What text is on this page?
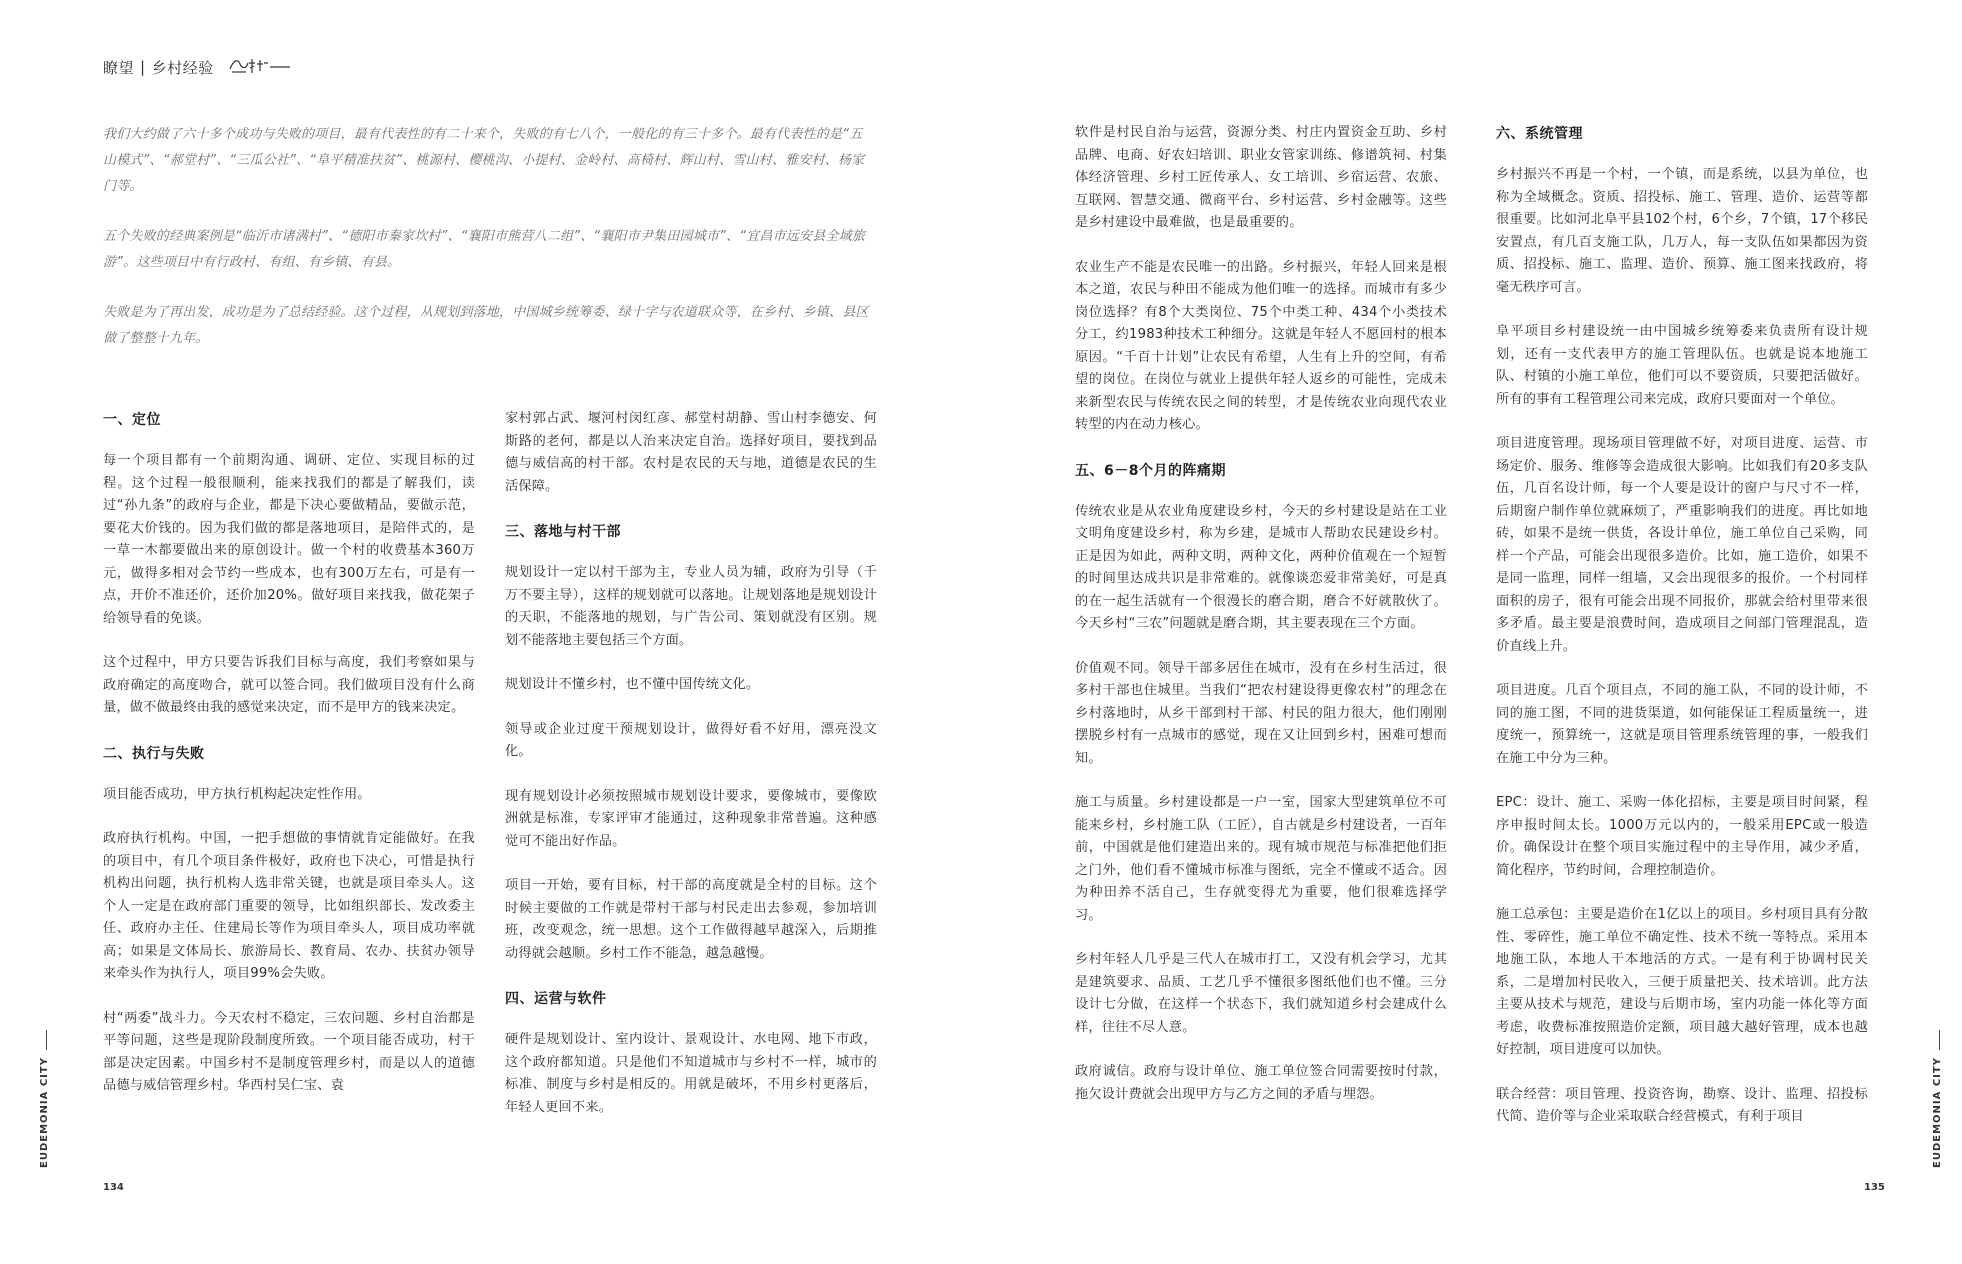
瞭望 | 乡村经验

我们大约做了六十多个成功与失败的项目，最有代表性的有二十来个，失败的有七八个，一般化的有三十多个。最有代表性的是“五山模式”、“郝堂村”、“三瓜公社”、“阜平精准扶贫”、桃源村、樱桃沟、小提村、金岭村、高椅村、辉山村、雪山村、雅安村、杨家门等。

五个失败的经典案例是“临沂市诸满村”、“德阳市秦家坎村”、“襄阳市熊营八二组”、“襄阳市尹集田园城市”、“宜昌市远安县全域旅游”。这些项目中有行政村、有组、有乡镇、有县。

失败是为了再出发，成功是为了总结经验。这个过程，从规划到落地，中国城乡统筹委、绿十字与农道联众等，在乡村、乡镇、县区做了整整十九年。

一、定位

每一个项目都有一个前期沟通、调研、定位、实现目标的过程。这个过程一般很顺利，能来找我们的都是了解我们，读过“孙九条”的政府与企业，都是下决心要做精品，要做示范，要花大价钱的。因为我们做的都是落地项目，是陪伴式的，是一草一木都要做出来的原创设计。做一个村的收费基本360万元，做得多相对会节约一些成本，也有300万左右，可是有一点，开价不准还价，还价加20%。做好项目来找我，做花架子给领导看的免谈。

这个过程中，甲方只要告诉我们目标与高度，我们考察如果与政府确定的高度吻合，就可以签合同。我们做项目没有什么商量，做不做最终由我的感觉来决定，而不是甲方的钱来决定。

二、执行与失败

项目能否成功，甲方执行机构起决定性作用。

政府执行机构。中国，一把手想做的事情就肯定能做好。在我的项目中，有几个项目条件极好，政府也下决心，可惜是执行机构出问题，执行机构人选非常关键，也就是项目牵头人。这个人一定是在政府部门重要的领导，比如组织部长、发改委主任、政府办主任、住建局长等作为项目牵头人，项目成功率就高；如果是文体局长、旅游局长、教育局、农办、扶贫办领导来牵头作为执行人，项目99%会失败。

村“两委”战斗力。今天农村不稳定，三农问题、乡村自治都是平等问题，这些是现阶段制度所致。一个项目能否成功，村干部是决定因素。中国乡村不是制度管理乡村，而是以人的道德品德与威信管理乡村。华西村吴仁宝、袁

家村郭占武、堰河村闵红彦、郝堂村胡静、雪山村李德安、何斯路的老何，都是以人治来决定自治。选择好项目，要找到品德与威信高的村干部。农村是农民的天与地，道德是农民的生活保障。

三、落地与村干部

规划设计一定以村干部为主，专业人员为辅，政府为引导（千万不要主导），这样的规划就可以落地。让规划落地是规划设计的天职，不能落地的规划，与广告公司、策划就没有区别。规划不能落地主要包括三个方面。

规划设计不懂乡村，也不懂中国传统文化。

领导或企业过度干预规划设计，做得好看不好用，漂亮没文化。

现有规划设计必须按照城市规划设计要求，要像城市，要像欧洲就是标准，专家评审才能通过，这种现象非常普遍。这种感觉可不能出好作品。

项目一开始，要有目标，村干部的高度就是全村的目标。这个时候主要做的工作就是带村干部与村民走出去参观，参加培训班，改变观念，统一思想。这个工作做得越早越深入，后期推动得就会越顺。乡村工作不能急，越急越慢。

四、运营与软件

硬件是规划设计、室内设计、景观设计、水电网、地下市政，这个政府都知道。只是他们不知道城市与乡村不一样，城市的标准、制度与乡村是相反的。用就是破坏，不用乡村更落后，年轻人更回不来。

EUDEMONIA CITY
134

软件是村民自治与运营，资源分类、村庄内置资金互助、乡村品牌、电商、好农妇培训、职业女管家训练、修谱筑祠、村集体经济管理、乡村工匠传承人、女工培训、乡宿运营、农旅、互联网、智慧交通、微商平台、乡村运营、乡村金融等。这些是乡村建设中最难做，也是最重要的。

农业生产不能是农民唯一的出路。乡村振兴，年轻人回来是根本之道，农民与种田不能成为他们唯一的选择。而城市有多少岗位选择？有8个大类岗位、75个中类工种、434个小类技术分工，约1983种技术工种细分。这就是年轻人不愿回村的根本原因。“千百十计划”让农民有希望，人生有上升的空间，有希望的岗位。在岗位与就业上提供年轻人返乡的可能性，完成未来新型农民与传统农民之间的转型，才是传统农业向现代农业转型的内在动力核心。

五、6－8个月的阵痛期

传统农业是从农业角度建设乡村，今天的乡村建设是站在工业文明角度建设乡村，称为乡建，是城市人帮助农民建设乡村。正是因为如此，两种文明，两种文化，两种价值观在一个短暂的时间里达成共识是非常难的。就像谈恋爱非常美好，可是真的在一起生活就有一个很漫长的磨合期，磨合不好就散伙了。今天乡村“三农”问题就是磨合期，其主要表现在三个方面。

价值观不同。领导干部多居住在城市，没有在乡村生活过，很多村干部也住城里。当我们“把农村建设得更像农村”的理念在乡村落地时，从乡干部到村干部、村民的阻力很大，他们刚刚摆脱乡村有一点城市的感觉，现在又让回到乡村，困难可想而知。

施工与质量。乡村建设都是一户一室，国家大型建筑单位不可能来乡村，乡村施工队（工匠），自古就是乡村建设者，一百年前，中国就是他们建造出来的。现有城市规范与标准把他们拒之门外，他们看不懂城市标准与图纸，完全不懂或不适合。因为种田养不活自己，生存就变得尤为重要，他们很难选择学习。

乡村年轻人几乎是三代人在城市打工，又没有机会学习，尤其是建筑要求、品质、工艺几乎不懂很多图纸他们也不懂。三分设计七分做，在这样一个状态下，我们就知道乡村会建成什么样，往往不尽人意。

政府诚信。政府与设计单位、施工单位签合同需要按时付款，拖欠设计费就会出现甲方与乙方之间的矛盾与埋怨。

六、系统管理

乡村振兴不再是一个村，一个镇，而是系统，以县为单位，也称为全域概念。资质、招投标、施工、管理、造价、运营等都很重要。比如河北阜平县102个村，6个乡，7个镇，17个移民安置点，有几百支施工队，几万人，每一支队伍如果都因为资质、招投标、施工、监理、造价、预算、施工图来找政府，将毫无秩序可言。

阜平项目乡村建设统一由中国城乡统筹委来负责所有设计规划，还有一支代表甲方的施工管理队伍。也就是说本地施工队、村镇的小施工单位，他们可以不要资质，只要把活做好。所有的事有工程管理公司来完成，政府只要面对一个单位。

项目进度管理。现场项目管理做不好，对项目进度、运营、市场定价、服务、维修等会造成很大影响。比如我们有20多支队伍，几百名设计师，每一个人要是设计的窗户与尺寸不一样，后期窗户制作单位就麻烦了，严重影响我们的进度。再比如地砖，如果不是统一供货，各设计单位，施工单位自己采购，同样一个产品，可能会出现很多造价。比如，施工造价，如果不是同一监理，同样一组墙，又会出现很多的报价。一个村同样面积的房子，很有可能会出现不同报价，那就会给村里带来很多矛盾。最主要是浪费时间，造成项目之间部门管理混乱，造价直线上升。

项目进度。几百个项目点，不同的施工队，不同的设计师，不同的施工图，不同的进货渠道，如何能保证工程质量统一，进度统一，预算统一，这就是项目管理系统管理的事，一般我们在施工中分为三种。

EPC：设计、施工、采购一体化招标，主要是项目时间紧，程序申报时间太长。1000万元以内的，一般采用EPC或一般造价。确保设计在整个项目实施过程中的主导作用，减少矛盾，简化程序，节约时间，合理控制造价。

施工总承包：主要是造价在1亿以上的项目。乡村项目具有分散性、零碎性，施工单位不确定性、技术不统一等特点。采用本地施工队，本地人干本地活的方式。一是有利于协调村民关系，二是增加村民收入，三便于质量把关、技术培训。此方法主要从技术与规范，建设与后期市场，室内功能一体化等方面考虑，收费标准按照造价定额，项目越大越好管理，成本也越好控制，项目进度可以加快。

联合经营：项目管理、投资咨询，勘察、设计、监理、招投标代简、造价等与企业采取联合经营模式，有利于项目	EUDEMONIA CITY
135
